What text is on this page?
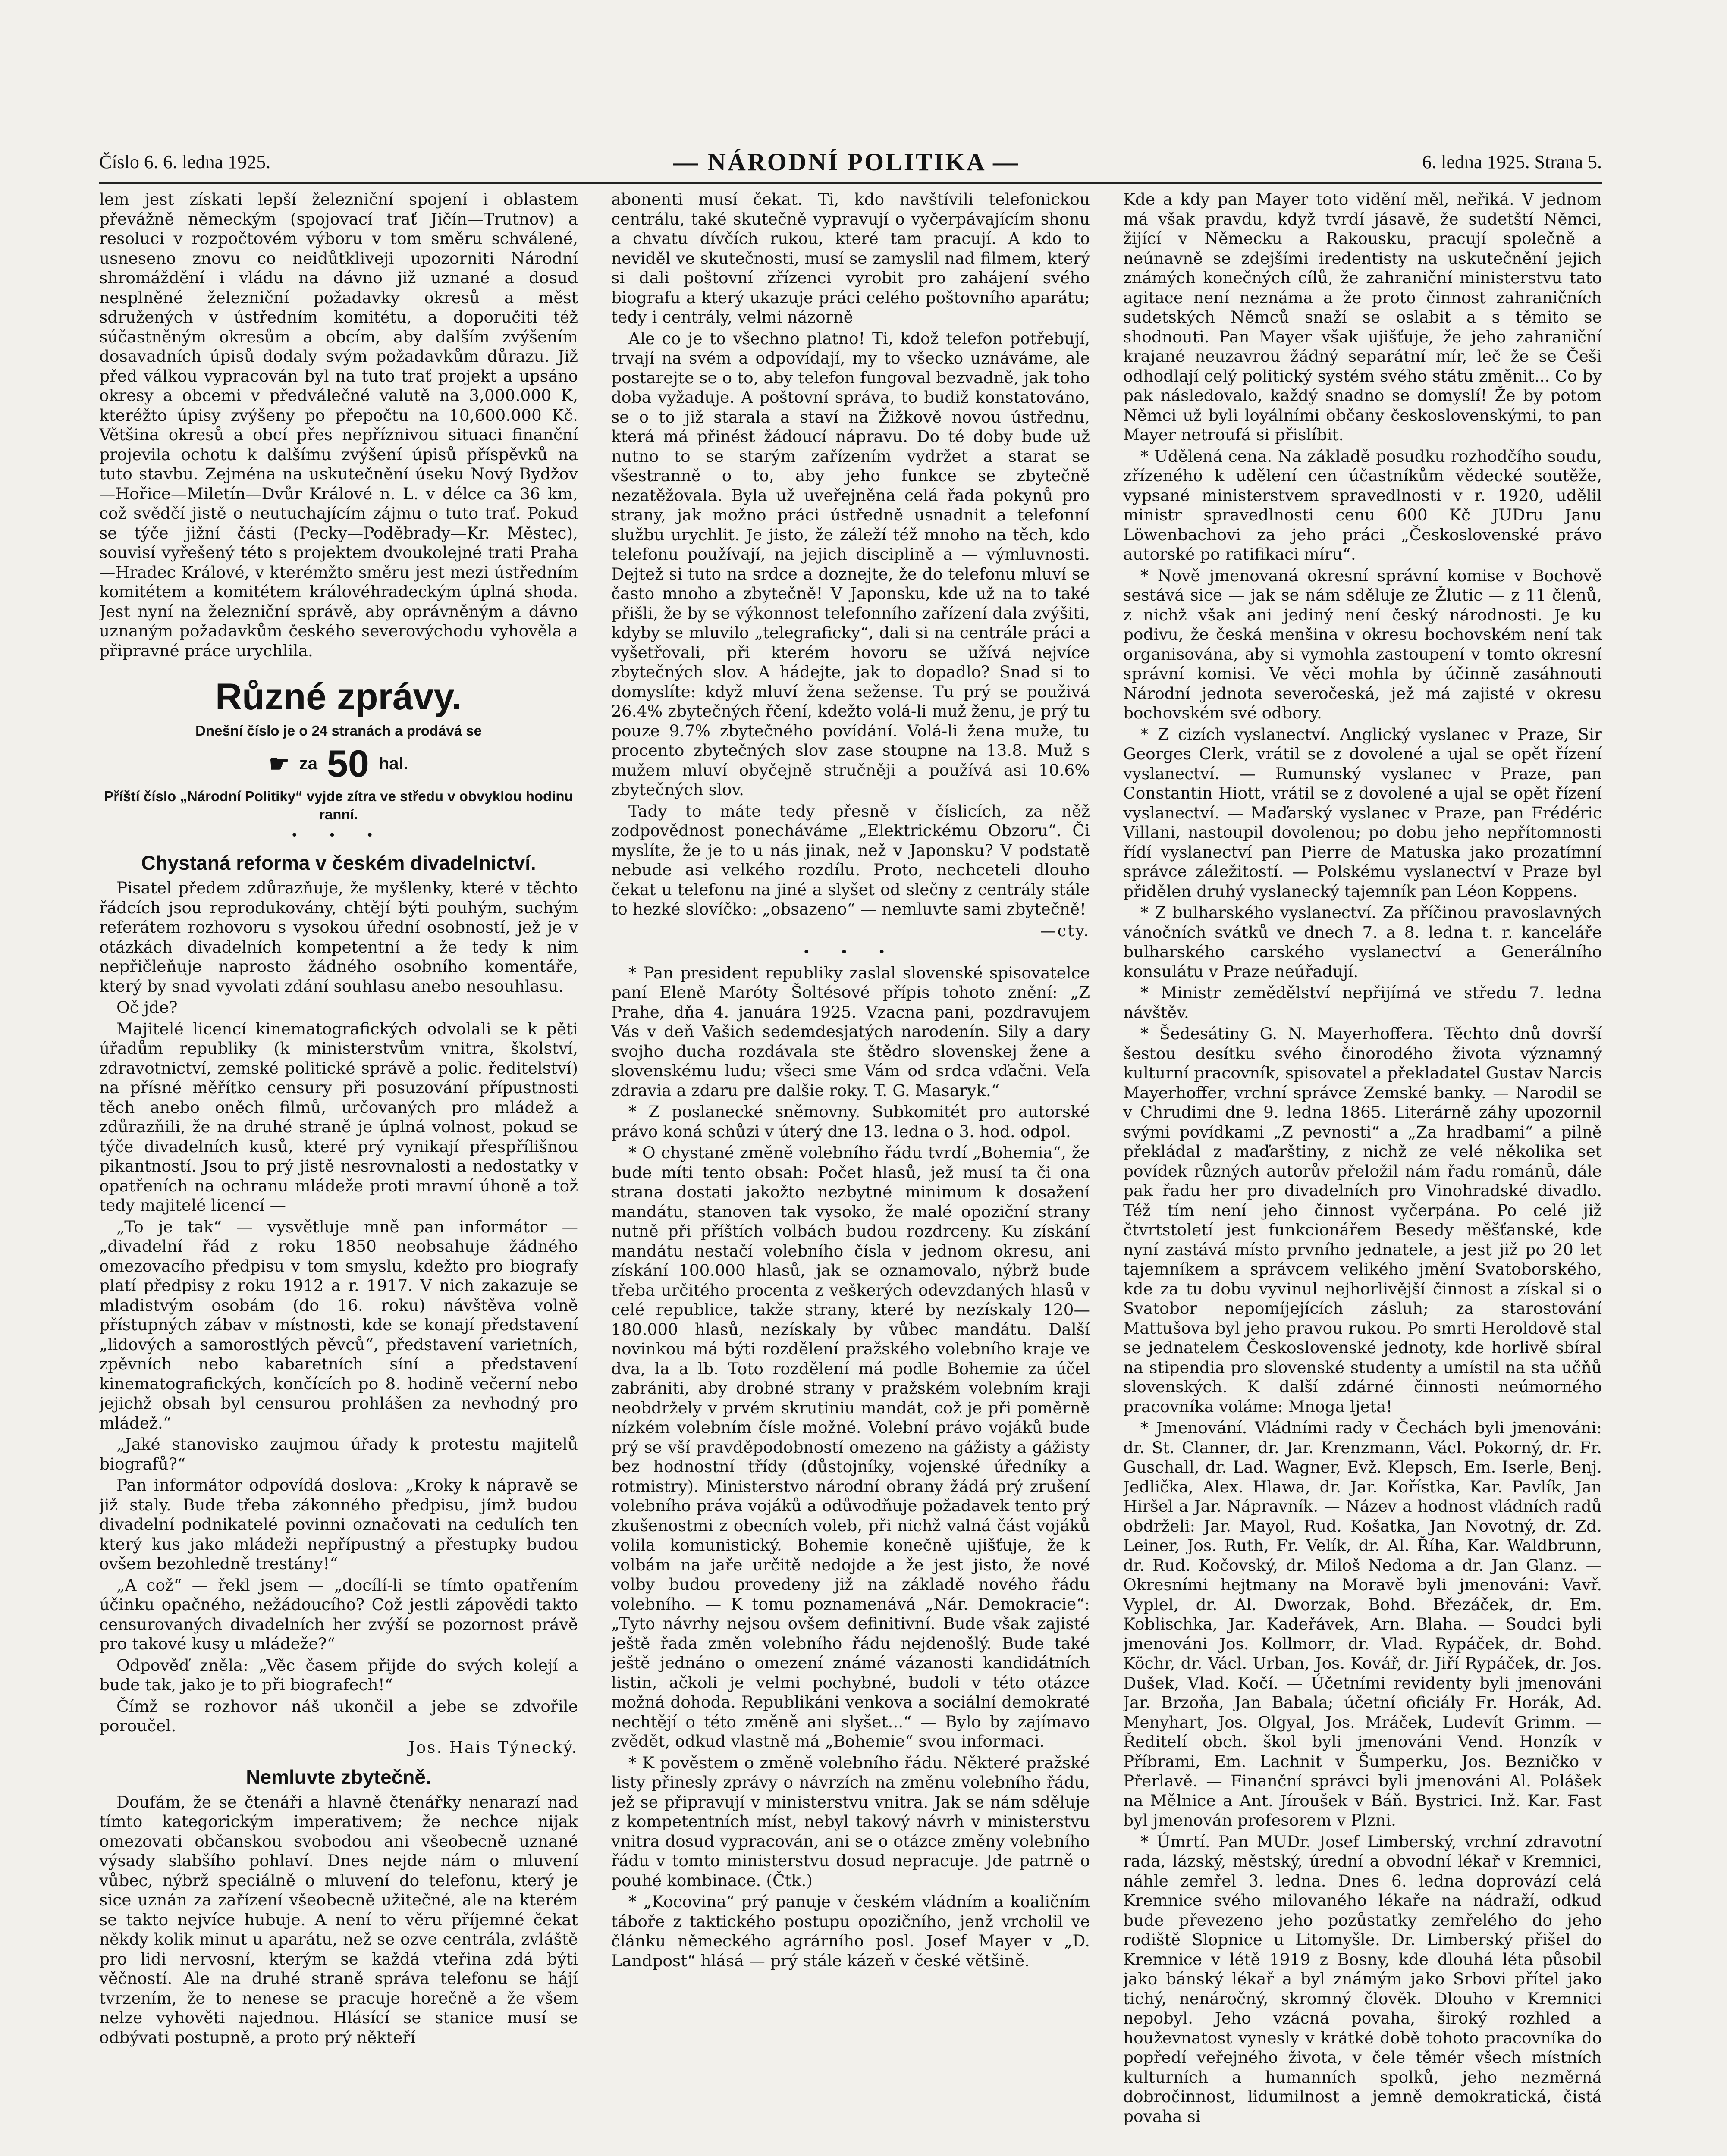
Číslo 6. 6. ledna 1925.	— NÁRODNÍ POLITIKA —	6. ledna 1925. Strana 5.

lem jest získati lepší železniční spojení i oblastem převážně německým (spojovací trať Jičín—Trutnov) a resoluci v rozpočtovém výboru v tom směru schválené, usneseno znovu co neidůtkliveji upozorniti Národní shromáždění i vládu na dávno již uznané a dosud nesplněné železniční požadavky okresů a měst sdružených v ústředním komitétu, a doporučiti též súčastněným okresům a obcím, aby dalším zvýšením dosavadních úpisů dodaly svým požadavkům důrazu. Již před válkou vypracován byl na tuto trať projekt a upsáno okresy a obcemi v předválečné valutě na 3,000.000 K, kteréžto úpisy zvýšeny po přepočtu na 10,600.000 Kč. Většina okresů a obcí přes nepříznivou situaci finanční projevila ochotu k dalšímu zvýšení úpisů příspěvků na tuto stavbu. Zejména na uskutečnění úseku Nový Bydžov—Hořice—Miletín—Dvůr Králové n. L. v délce ca 36 km, což svědčí jistě o neutuchajícím zájmu o tuto trať. Pokud se týče jižní části (Pecky—Poděbrady—Kr. Městec), souvisí vyřešený této s projektem dvoukolejné trati Praha—Hradec Králové, v kterémžto směru jest mezi ústředním komitétem a komitétem královéhradeckým úplná shoda. Jest nyní na železniční správě, aby oprávněným a dávno uznaným požadavkům českého severovýchodu vyhověla a připravné práce urychlila.

Různé zprávy.
Dnešní číslo je o 24 stranách a prodává se
☛ za 50 hal.
Příští číslo „Národní Politiky“ vyjde zítra ve středu v obvyklou hodinu ranní.
• • •
Chystaná reforma v českém divadelnictví.

Pisatel předem zdůrazňuje, že myšlenky, které v těchto řádcích jsou reprodukovány, chtějí býti pouhým, suchým referátem rozhovoru s vysokou úřední osobností, jež je v otázkách divadelních kompetentní a že tedy k nim nepřičleňuje naprosto žádného osobního komentáře, který by snad vyvolati zdání souhlasu anebo nesouhlasu.

Oč jde?

Majitelé licencí kinematografických odvolali se k pěti úřadům republiky (k ministerstvům vnitra, školství, zdravotnictví, zemské politické správě a polic. ředitelství) na přísné měřítko censury při posuzování přípustnosti těch anebo oněch filmů, určovaných pro mládež a zdůrazňili, že na druhé straně je úplná volnost, pokud se týče divadelních kusů, které prý vynikají přespřílišnou pikantností. Jsou to prý jistě nesrovnalosti a nedostatky v opatřeních na ochranu mládeže proti mravní úhoně a tož tedy majitelé licencí —

„To je tak“ — vysvětluje mně pan informátor — „divadelní řád z roku 1850 neobsahuje žádného omezovacího předpisu v tom smyslu, kdežto pro biografy platí předpisy z roku 1912 a r. 1917. V nich zakazuje se mladistvým osobám (do 16. roku) návštěva volně přístupných zábav v místnosti, kde se konají představení „lidových a samorostlých pěvců“, představení varietních, zpěvních nebo kabaretních síní a představení kinematografických, končících po 8. hodině večerní nebo jejichž obsah byl censurou prohlášen za nevhodný pro mládež.“

„Jaké stanovisko zaujmou úřady k protestu majitelů biografů?“

Pan informátor odpovídá doslova: „Kroky k nápravě se již staly. Bude třeba zákonného předpisu, jímž budou divadelní podnikatelé povinni označovati na cedulích ten který kus jako mládeži nepřípustný a přestupky budou ovšem bezohledně trestány!“

„A což“ — řekl jsem — „docílí-li se tímto opatřením účinku opačného, nežádoucího? Což jestli zápovědi takto censurovaných divadelních her zvýší se pozornost právě pro takové kusy u mládeže?“

Odpověď zněla: „Věc časem přijde do svých kolejí a bude tak, jako je to při biografech!“

Čímž se rozhovor náš ukončil a jebe se zdvořile poroučel.

Jos. Hais Týnecký.
Nemluvte zbytečně.

Doufám, že se čtenáři a hlavně čtenářky nenarazí nad tímto kategorickým imperativem; že nechce nijak omezovati občanskou svobodou ani všeobecně uznané výsady slabšího pohlaví. Dnes nejde nám o mluvení vůbec, nýbrž speciálně o mluvení do telefonu, který je sice uznán za zařízení všeobecně užitečné, ale na kterém se takto nejvíce hubuje. A není to věru příjemné čekat někdy kolik minut u aparátu, než se ozve centrála, zvláště pro lidi nervosní, kterým se každá vteřina zdá býti věčností. Ale na druhé straně správa telefonu se hájí tvrzením, že to nenese se pracuje horečně a že všem nelze vyhověti najednou. Hlásící se stanice musí se odbývati postupně, a proto prý někteří

abonenti musí čekat. Ti, kdo navštívili telefonickou centrálu, také skutečně vypravují o vyčerpávajícím shonu a chvatu dívčích rukou, které tam pracují. A kdo to neviděl ve skutečnosti, musí se zamyslil nad filmem, který si dali poštovní zřízenci vyrobit pro zahájení svého biografu a který ukazuje práci celého poštovního aparátu; tedy i centrály, velmi názorně

Ale co je to všechno platno! Ti, kdož telefon potřebují, trvají na svém a odpovídají, my to všecko uznáváme, ale postarejte se o to, aby telefon fungoval bezvadně, jak toho doba vyžaduje. A poštovní správa, to budiž konstatováno, se o to již starala a staví na Žižkově novou ústřednu, která má přinést žádoucí nápravu. Do té doby bude už nutno to se starým zařízením vydržet a starat se všestranně o to, aby jeho funkce se zbytečně nezatěžovala. Byla už uveřejněna celá řada pokynů pro strany, jak možno práci ústředně usnadnit a telefonní službu urychlit. Je jisto, že záleží též mnoho na těch, kdo telefonu používají, na jejich disciplině a — výmluvnosti. Dejtež si tuto na srdce a doznejte, že do telefonu mluví se často mnoho a zbytečně! V Japonsku, kde už na to také přišli, že by se výkonnost telefonního zařízení dala zvýšiti, kdyby se mluvilo „telegraficky“, dali si na centrále práci a vyšetřovali, při kterém hovoru se užívá nejvíce zbytečných slov. A hádejte, jak to dopadlo? Snad si to domyslíte: když mluví žena sežense. Tu prý se použivá 26.4% zbytečných řčení, kdežto volá-li muž ženu, je prý tu pouze 9.7% zbytečného povídání. Volá-li žena muže, tu procento zbytečných slov zase stoupne na 13.8. Muž s mužem mluví obyčejně stručněji a používá asi 10.6% zbytečných slov.

Tady to máte tedy přesně v číslicích, za něž zodpovědnost ponecháváme „Elektrickému Obzoru“. Či myslíte, že je to u nás jinak, než v Japonsku? V podstatě nebude asi velkého rozdílu. Proto, nechceteli dlouho čekat u telefonu na jiné a slyšet od slečny z centrály stále to hezké slovíčko: „obsazeno“ — nemluvte sami zbytečně!

—cty.
• • •

* Pan president republiky zaslal slovenské spisovatelce paní Eleně Maróty Šoltésové přípis tohoto znění: „Z Prahe, dňa 4. januára 1925. Vzacna pani, pozdravujem Vás v deň Vašich sedemdesjatých narodenín. Sily a dary svojho ducha rozdávala ste štědro slovenskej žene a slovenskému ludu; všeci sme Vám od srdca vďačni. Veľa zdravia a zdaru pre dalšie roky. T. G. Masaryk.“

* Z poslanecké sněmovny. Subkomitét pro autorské právo koná schůzi v úterý dne 13. ledna o 3. hod. odpol.

* O chystané změně volebního řádu tvrdí „Bohemia“, že bude míti tento obsah: Počet hlasů, jež musí ta či ona strana dostati jakožto nezbytné minimum k dosažení mandátu, stanoven tak vysoko, že malé opoziční strany nutně při příštích volbách budou rozdrceny. Ku získání mandátu nestačí volebního čísla v jednom okresu, ani získání 100.000 hlasů, jak se oznamovalo, nýbrž bude třeba určitého procenta z veškerých odevzdaných hlasů v celé republice, takže strany, které by nezískaly 120—180.000 hlasů, nezískaly by vůbec mandátu. Další novinkou má býti rozdělení pražského volebního kraje ve dva, la a lb. Toto rozdělení má podle Bohemie za účel zabrániti, aby drobné strany v pražském volebním kraji neobdržely v prvém skrutiniu mandát, což je při poměrně nízkém volebním čísle možné. Volební právo vojáků bude prý se vší pravděpodobností omezeno na gážisty a gážisty bez hodnostní třídy (důstojníky, vojenské úředníky a rotmistry). Ministerstvo národní obrany žádá prý zrušení volebního práva vojáků a odůvodňuje požadavek tento prý zkušenostmi z obecních voleb, při nichž valná část vojáků volila komunistický. Bohemie konečně ujišťuje, že k volbám na jaře určitě nedojde a že jest jisto, že nové volby budou provedeny již na základě nového řádu volebního. — K tomu poznamenává „Nár. Demokracie“: „Tyto návrhy nejsou ovšem definitivní. Bude však zajisté ještě řada změn volebního řádu nejdenošlý. Bude také ještě jednáno o omezení známé vázanosti kandidátních listin, ačkoli je velmi pochybné, budoli v této otázce možná dohoda. Republikáni venkova a sociální demokraté nechtějí o této změně ani slyšet...“ — Bylo by zajímavo zvědět, odkud vlastně má „Bohemie“ svou informaci.

* K pověstem o změně volebního řádu. Některé pražské listy přinesly zprávy o návrzích na změnu volebního řádu, jež se připravují v ministerstvu vnitra. Jak se nám sděluje z kompetentních míst, nebyl takový návrh v ministerstvu vnitra dosud vypracován, ani se o otázce změny volebního řádu v tomto ministerstvu dosud nepracuje. Jde patrně o pouhé kombinace. (Čtk.)

* „Kocovina“ prý panuje v českém vládním a koaličním táboře z taktického postupu opozičního, jenž vrcholil ve článku německého agrárního posl. Josef Mayer v „D. Landpost“ hlásá — prý stále kázeň v české většině.

Kde a kdy pan Mayer toto vidění měl, neřiká. V jednom má však pravdu, když tvrdí jásavě, že sudetští Němci, žijící v Německu a Rakousku, pracují společně a neúnavně se zdejšími iredentisty na uskutečnění jejich známých konečných cílů, že zahraniční ministerstvu tato agitace není neznáma a že proto činnost zahraničních sudetských Němců snaží se oslabit a s těmito se shodnouti. Pan Mayer však ujišťuje, že jeho zahraniční krajané neuzavrou žádný separátní mír, leč že se Češi odhodlají celý politický systém svého státu změnit... Co by pak následovalo, každý snadno se domyslí! Že by potom Němci už byli loyálními občany československými, to pan Mayer netroufá si přislíbit.

* Udělená cena. Na základě posudku rozhodčího soudu, zřízeného k udělení cen účastníkům vědecké soutěže, vypsané ministerstvem spravedlnosti v r. 1920, udělil ministr spravedlnosti cenu 600 Kč JUDru Janu Löwenbachovi za jeho práci „Československé právo autorské po ratifikaci míru“.

* Nově jmenovaná okresní správní komise v Bochově sestává sice — jak se nám sděluje ze Žlutic — z 11 členů, z nichž však ani jediný není český národnosti. Je ku podivu, že česká menšina v okresu bochovském není tak organisována, aby si vymohla zastoupení v tomto okresní správní komisi. Ve věci mohla by účinně zasáhnouti Národní jednota severočeská, jež má zajisté v okresu bochovském své odbory.

* Z cizích vyslanectví. Anglický vyslanec v Praze, Sir Georges Clerk, vrátil se z dovolené a ujal se opět řízení vyslanectví. — Rumunský vyslanec v Praze, pan Constantin Hiott, vrátil se z dovolené a ujal se opět řízení vyslanectví. — Maďarský vyslanec v Praze, pan Frédéric Villani, nastoupil dovolenou; po dobu jeho nepřítomnosti řídí vyslanectví pan Pierre de Matuska jako prozatímní správce záležitostí. — Polskému vyslanectví v Praze byl přidělen druhý vyslanecký tajemník pan Léon Koppens.

* Z bulharského vyslanectví. Za příčinou pravoslavných vánočních svátků ve dnech 7. a 8. ledna t. r. kanceláře bulharského carského vyslanectví a Generálního konsulátu v Praze neúřadují.

* Ministr zemědělství nepřijímá ve středu 7. ledna návštěv.

* Šedesátiny G. N. Mayerhoffera. Těchto dnů dovrší šestou desítku svého činorodého života významný kulturní pracovník, spisovatel a překladatel Gustav Narcis Mayerhoffer, vrchní správce Zemské banky. — Narodil se v Chrudimi dne 9. ledna 1865. Literárně záhy upozornil svými povídkami „Z pevnosti“ a „Za hradbami“ a pilně překládal z maďarštiny, z nichž ze velé několika set povídek různých autorův přeložil nám řadu románů, dále pak řadu her pro divadelních pro Vinohradské divadlo. Též tím není jeho činnost vyčerpána. Po celé již čtvrtstoletí jest funkcionářem Besedy měšťanské, kde nyní zastává místo prvního jednatele, a jest již po 20 let tajemníkem a správcem velikého jmění Svatoborského, kde za tu dobu vyvinul nejhorlivější činnost a získal si o Svatobor nepomíjejících zásluh; za starostování Mattušova byl jeho pravou rukou. Po smrti Heroldově stal se jednatelem Československé jednoty, kde horlivě sbíral na stipendia pro slovenské studenty a umístil na sta učňů slovenských. K další zdárné činnosti neúmorného pracovníka voláme: Mnoga ljeta!

* Jmenování. Vládními rady v Čechách byli jmenováni: dr. St. Clanner, dr. Jar. Krenzmann, Václ. Pokorný, dr. Fr. Guschall, dr. Lad. Wagner, Evž. Klepsch, Em. Iserle, Benj. Jedlička, Alex. Hlawa, dr. Jar. Kořístka, Kar. Pavlík, Jan Hiršel a Jar. Nápravník. — Název a hodnost vládních radů obdrželi: Jar. Mayol, Rud. Košatka, Jan Novotný, dr. Zd. Leiner, Jos. Ruth, Fr. Velík, dr. Al. Říha, Kar. Waldbrunn, dr. Rud. Kočovský, dr. Miloš Nedoma a dr. Jan Glanz. — Okresními hejtmany na Moravě byli jmenováni: Vavř. Vyplel, dr. Al. Dworzak, Bohd. Březáček, dr. Em. Koblischka, Jar. Kadeřávek, Arn. Blaha. — Soudci byli jmenováni Jos. Kollmorr, dr. Vlad. Rypáček, dr. Bohd. Köchr, dr. Václ. Urban, Jos. Kovář, dr. Jiří Rypáček, dr. Jos. Dušek, Vlad. Kočí. — Účetními revidenty byli jmenováni Jar. Brzoňa, Jan Babala; účetní oficiály Fr. Horák, Ad. Menyhart, Jos. Olgyal, Jos. Mráček, Ludevít Grimm. — Ředitelí obch. škol byli jmenováni Vend. Honzík v Příbrami, Em. Lachnit v Šumperku, Jos. Bezničko v Přerlavě. — Finanční správci byli jmenováni Al. Polášek na Mělnice a Ant. Jíroušek v Báň. Bystrici. Inž. Kar. Fast byl jmenován profesorem v Plzni.

* Úmrtí. Pan MUDr. Josef Limberský, vrchní zdravotní rada, lázský, městský, úrední a obvodní lékař v Kremnici, náhle zemřel 3. ledna. Dnes 6. ledna doprovází celá Kremnice svého milovaného lékaře na nádraží, odkud bude převezeno jeho pozůstatky zemřelého do jeho rodiště Slopnice u Litomyšle. Dr. Limberský přišel do Kremnice v létě 1919 z Bosny, kde dlouhá léta působil jako bánský lékař a byl známým jako Srbovi přítel jako tichý, nenáročný, skromný člověk. Dlouho v Kremnici nepobyl. Jeho vzácná povaha, široký rozhled a houževnatost vynesly v krátké době tohoto pracovníka do popředí veřejného života, v čele těmér všech místních kulturních a humanních spolků, jeho nezměrná dobročinnost, lidumilnost a jemně demokratická, čistá povaha si
